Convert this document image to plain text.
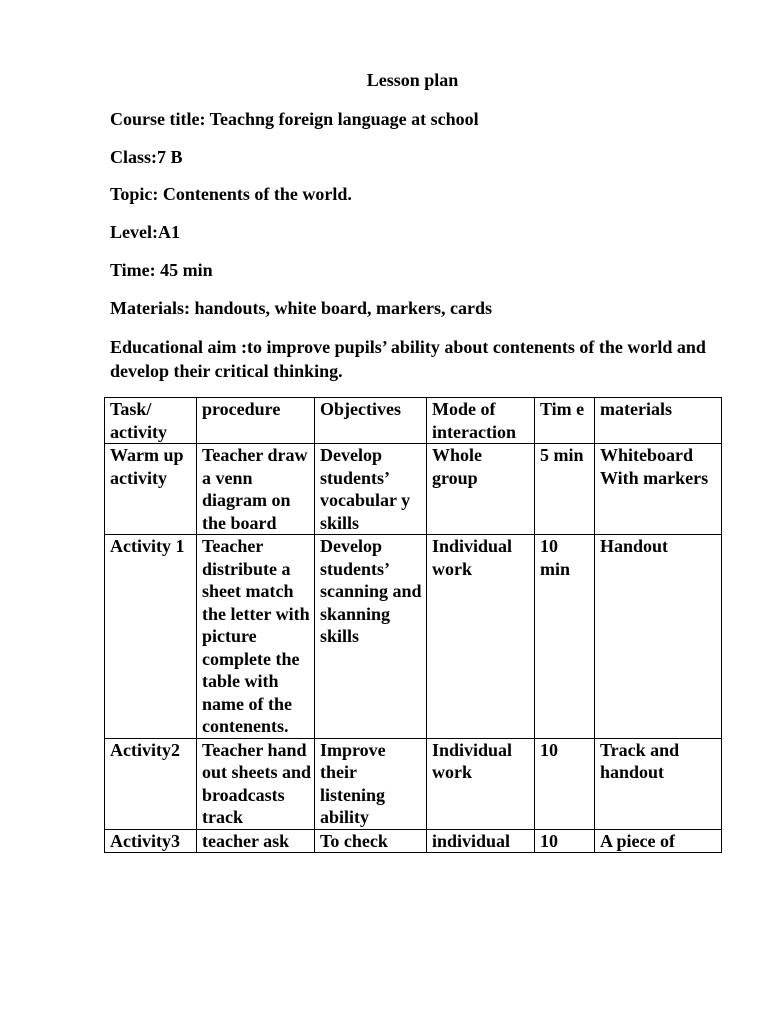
Lesson plan
Course title: Teachng foreign language at school
Class:7 B
Topic: Contenents of the world.
Level:A1
Time: 45 min
Materials: handouts, white board, markers, cards
Educational aim :to improve pupils’ ability about contenents of the world and develop their critical thinking.
Task/ activity	procedure	Objectives	Mode of interaction	Tim e	materials
Warm up activity	Teacher draw a venn diagram on the board	Develop students’ vocabular y skills	Whole group	5 min	Whiteboard With markers
Activity 1	Teacher distribute a sheet match the letter with picture complete the table with name of the contenents.	Develop students’ scanning and skanning skills	Individual work	10 min	Handout
Activity2	Teacher hand out sheets and broadcasts track	Improve their listening ability	Individual work	10	Track and handout
Activity3	teacher ask	To check	individual	10	A piece of
